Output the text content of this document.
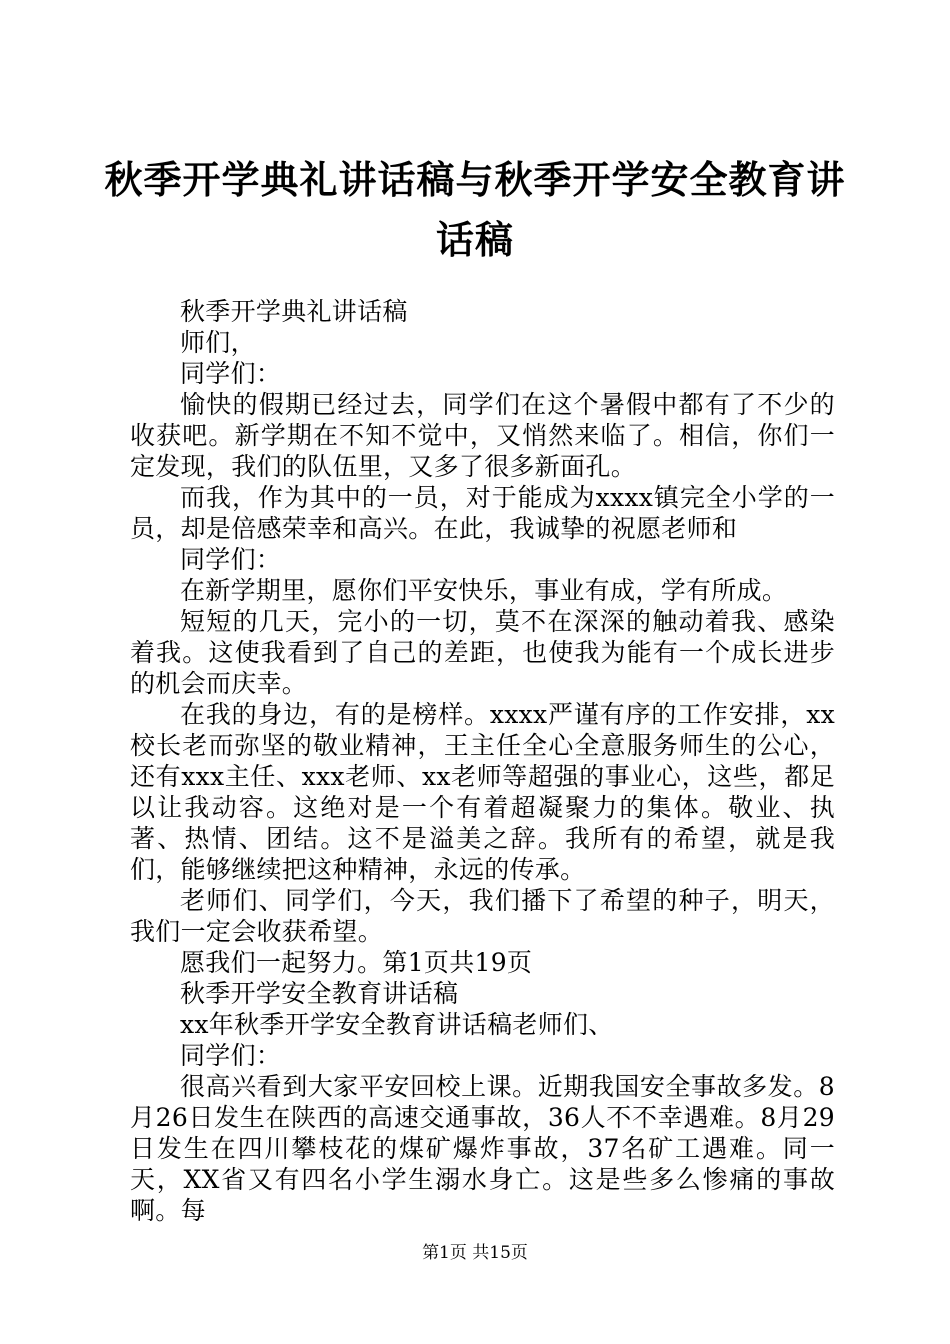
秋季开学典礼讲话稿与秋季开学安全教育讲话稿

秋季开学典礼讲话稿

师们，

同学们：

愉快的假期已经过去，同学们在这个暑假中都有了不少的收获吧。新学期在不知不觉中，又悄然来临了。相信，你们一定发现，我们的队伍里，又多了很多新面孔。

而我，作为其中的一员，对于能成为xxxx镇完全小学的一员，却是倍感荣幸和高兴。在此，我诚挚的祝愿老师和

同学们：

在新学期里，愿你们平安快乐，事业有成，学有所成。

短短的几天，完小的一切，莫不在深深的触动着我、感染着我。这使我看到了自己的差距，也使我为能有一个成长进步的机会而庆幸。

在我的身边，有的是榜样。xxxx严谨有序的工作安排，xx校长老而弥坚的敬业精神，王主任全心全意服务师生的公心，还有xxx主任、xxx老师、xx老师等超强的事业心，这些，都足以让我动容。这绝对是一个有着超凝聚力的集体。敬业、执著、热情、团结。这不是溢美之辞。我所有的希望，就是我们，能够继续把这种精神，永远的传承。

老师们、同学们，今天，我们播下了希望的种子，明天，我们一定会收获希望。

愿我们一起努力。第1页共19页

秋季开学安全教育讲话稿

xx年秋季开学安全教育讲话稿老师们、

同学们：

很高兴看到大家平安回校上课。近期我国安全事故多发。8月26日发生在陕西的高速交通事故，36人不不幸遇难。8月29日发生在四川攀枝花的煤矿爆炸事故，37名矿工遇难。同一天，XX省又有四名小学生溺水身亡。这是些多么惨痛的事故啊。每

第1页 共15页
